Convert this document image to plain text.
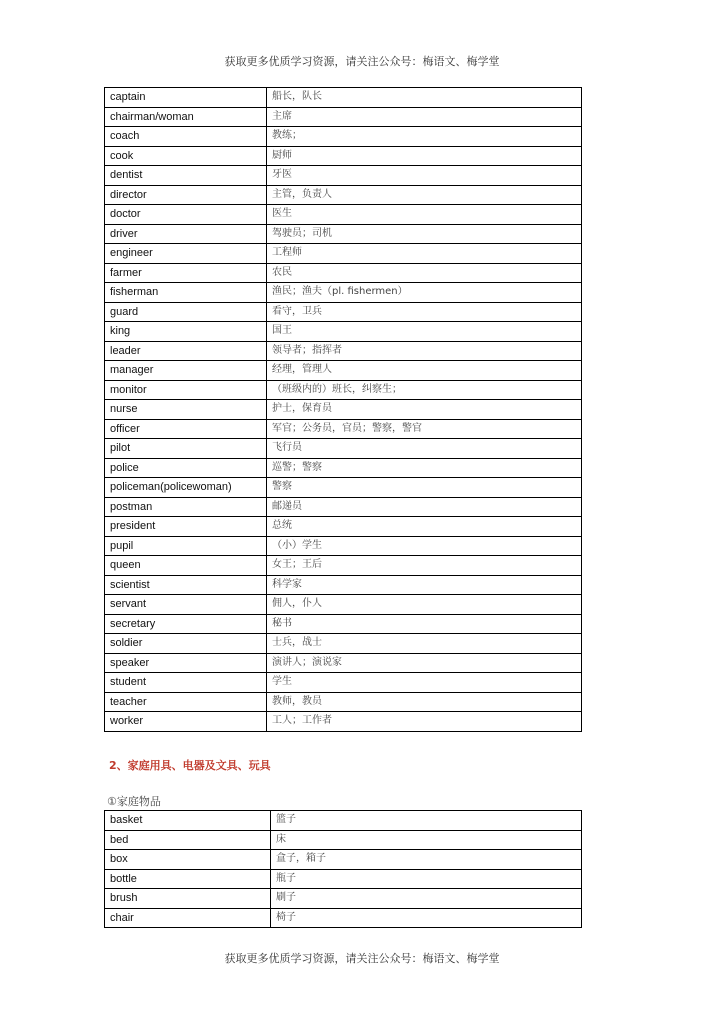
获取更多优质学习资源，请关注公众号：梅语文、梅学堂
captain	船长，队长
chairman/woman	主席
coach	教练；
cook	厨师
dentist	牙医
director	主管，负责人
doctor	医生
driver	驾驶员；司机
engineer	工程师
farmer	农民
fisherman	渔民；渔夫（pl. fishermen）
guard	看守，卫兵
king	国王
leader	领导者；指挥者
manager	经理，管理人
monitor	（班级内的）班长，纠察生；
nurse	护士，保育员
officer	军官；公务员，官员；警察，警官
pilot	飞行员
police	巡警；警察
policeman(policewoman)	警察
postman	邮递员
president	总统
pupil	（小）学生
queen	女王；王后
scientist	科学家
servant	佣人，仆人
secretary	秘书
soldier	士兵，战士
speaker	演讲人；演说家
student	学生
teacher	教师，教员
worker	工人；工作者
2、家庭用具、电器及文具、玩具
①家庭物品
basket	篮子
bed	床
box	盒子，箱子
bottle	瓶子
brush	刷子
chair	椅子
获取更多优质学习资源，请关注公众号：梅语文、梅学堂
